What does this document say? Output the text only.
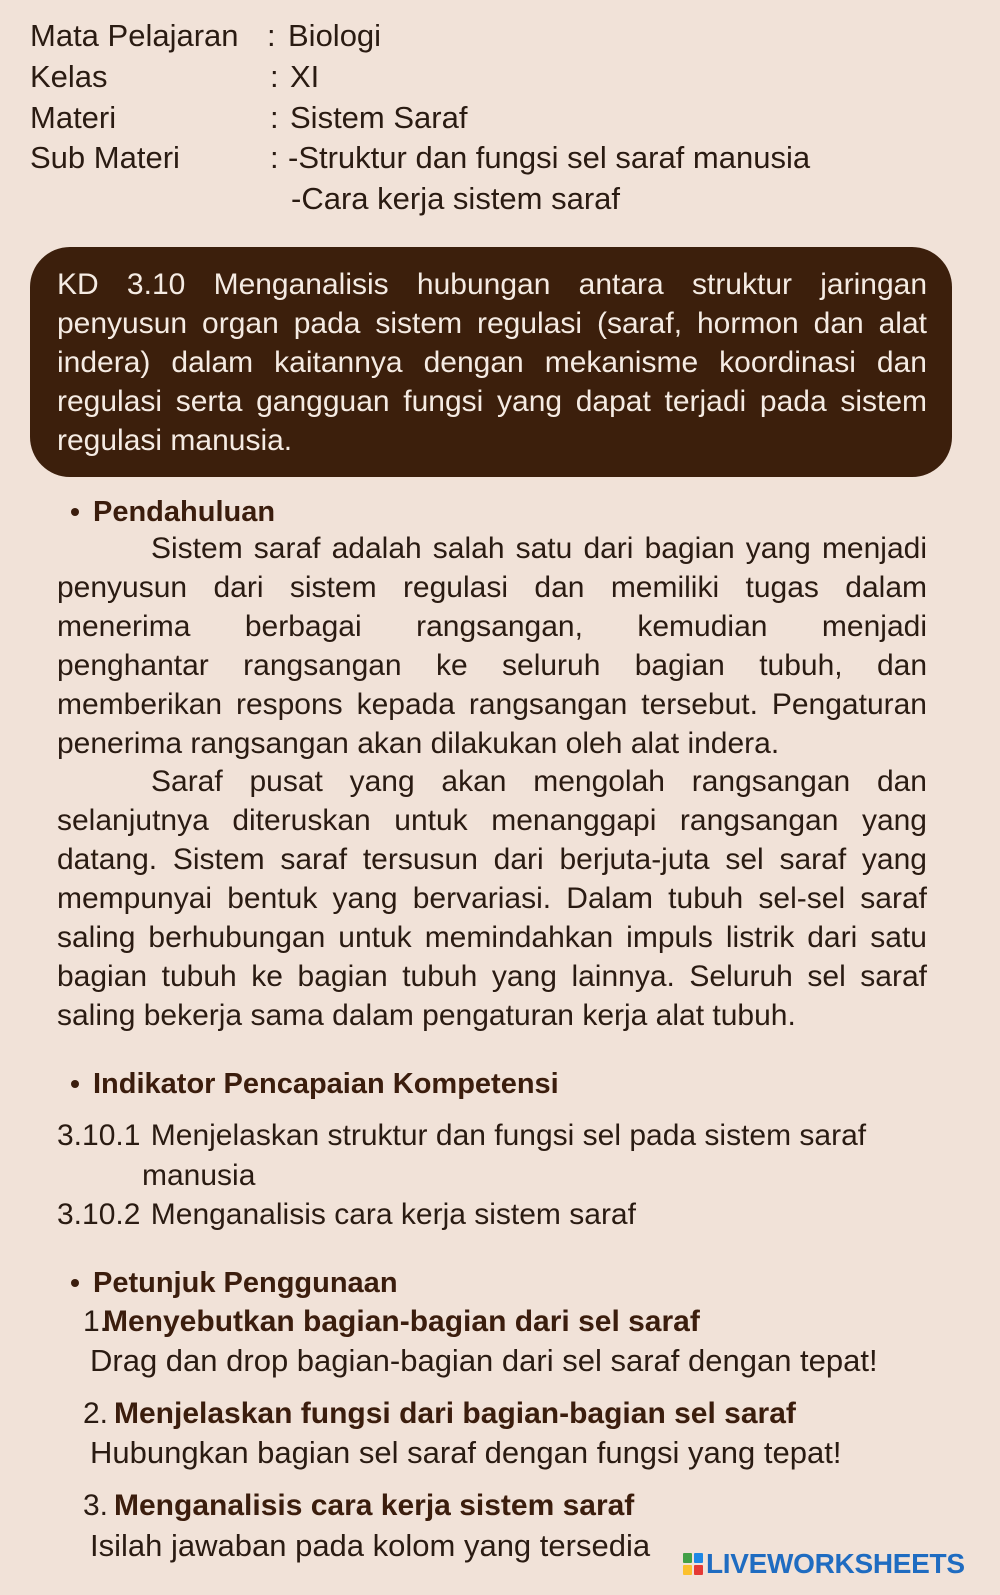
Mata Pelajaran : Biologi
Kelas	: XI
Materi	: Sistem Saraf
Sub Materi	: -Struktur dan fungsi sel saraf manusia
-Cara kerja sistem saraf
KD 3.10 Menganalisis hubungan antara struktur jaringan
penyusun organ pada sistem regulasi (saraf, hormon dan alat
indera) dalam kaitannya dengan mekanisme koordinasi dan
regulasi serta gangguan fungsi yang dapat terjadi pada sistem
regulasi manusia.
Pendahuluan
Sistem saraf adalah salah satu dari bagian yang menjadi
penyusun dari sistem regulasi dan memiliki tugas dalam
menerima berbagai rangsangan, kemudian menjadi
penghantar rangsangan ke seluruh bagian tubuh, dan
memberikan respons kepada rangsangan tersebut. Pengaturan
penerima rangsangan akan dilakukan oleh alat indera.
Saraf pusat yang akan mengolah rangsangan dan
selanjutnya diteruskan untuk menanggapi rangsangan yang
datang. Sistem saraf tersusun dari berjuta-juta sel saraf yang
mempunyai bentuk yang bervariasi. Dalam tubuh sel-sel saraf
saling berhubungan untuk memindahkan impuls listrik dari satu
bagian tubuh ke bagian tubuh yang lainnya. Seluruh sel saraf
saling bekerja sama dalam pengaturan kerja alat tubuh.
Indikator Pencapaian Kompetensi
3.10.1 Menjelaskan struktur dan fungsi sel pada sistem saraf
manusia
3.10.2 Menganalisis cara kerja sistem saraf
Petunjuk Penggunaan
1.
Menyebutkan bagian-bagian dari sel saraf
Drag dan drop bagian-bagian dari sel saraf dengan tepat!
2. Menjelaskan fungsi dari bagian-bagian sel saraf
Hubungkan bagian sel saraf dengan fungsi yang tepat!
3. Menganalisis cara kerja sistem saraf
Isilah jawaban pada kolom yang tersedia
LIVEWORKSHEETS
